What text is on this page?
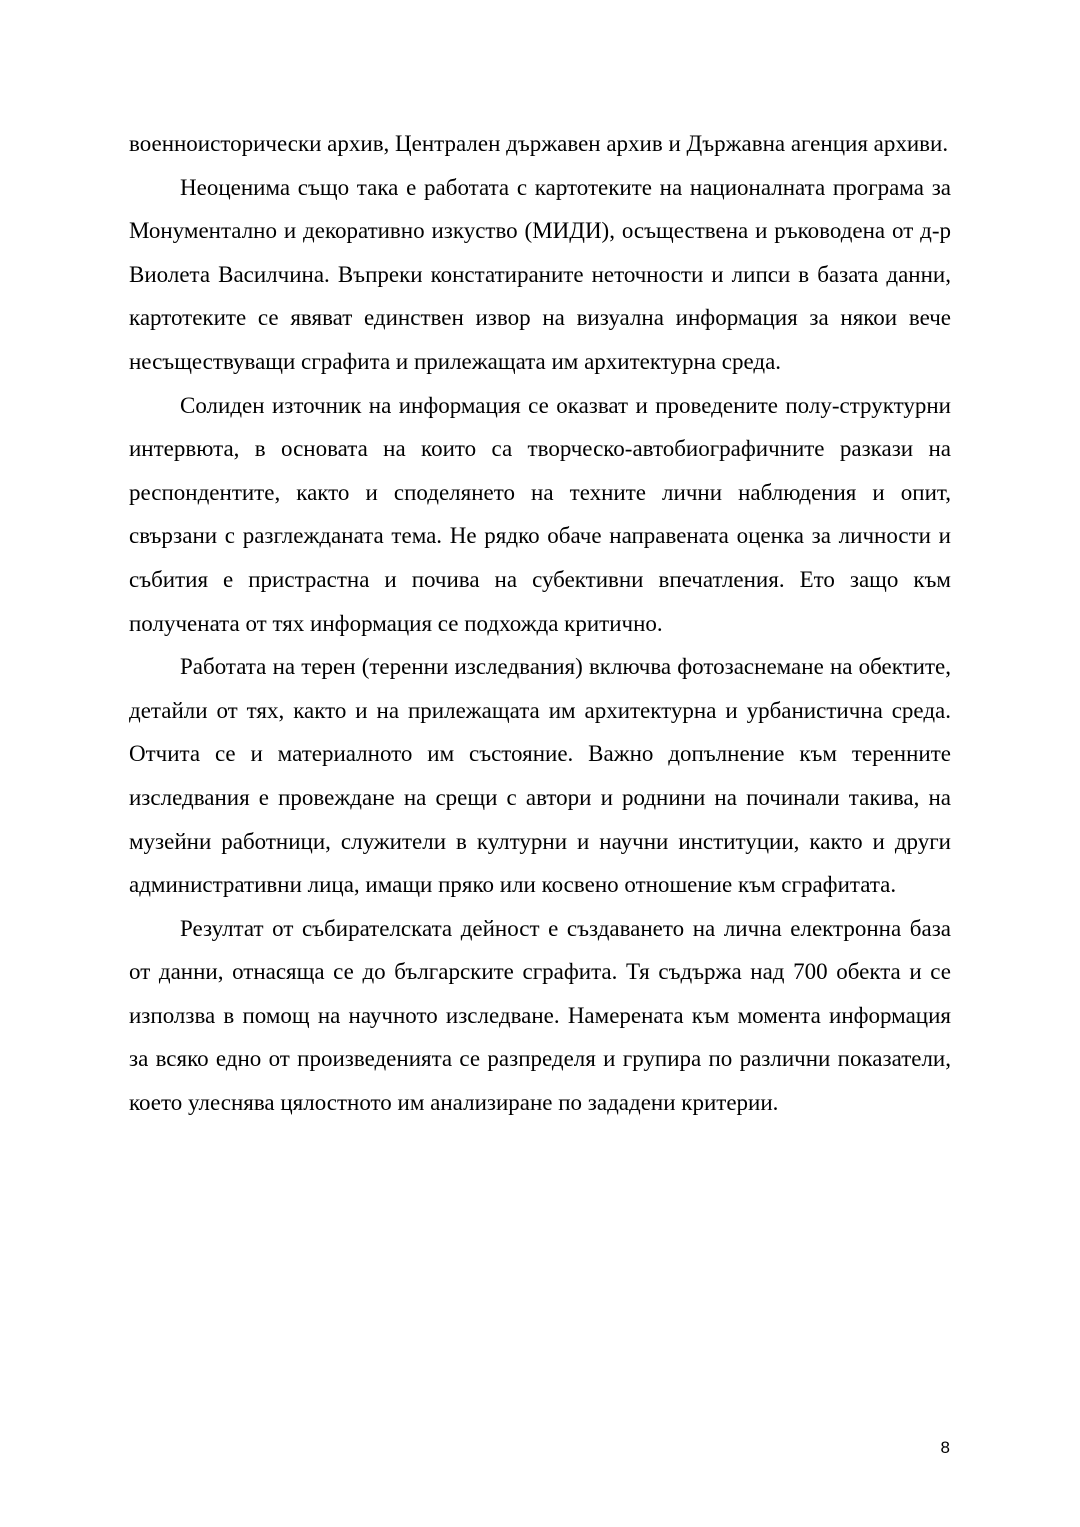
военноисторически архив, Централен държавен архив и Държавна агенция архиви.

Неоценима също така е работата с картотеките на националната програма за Монументално и декоративно изкуство (МИДИ), осъществена и ръководена от д-р Виолета Василчина. Въпреки констатираните неточности и липси в базата данни, картотеките се явяват единствен извор на визуална информация за някои вече несъществуващи сграфита и прилежащата им архитектурна среда.

Солиден източник на информация се оказват и проведените полу-структурни интервюта, в основата на които са творческо-автобиографичните разкази на респондентите, както и споделянето на техните лични наблюдения и опит, свързани с разглежданата тема. Не рядко обаче направената оценка за личности и събития е пристрастна и почива на субективни впечатления. Ето защо към получената от тях информация се подхожда критично.

Работата на терен (теренни изследвания) включва фотозаснемане на обектите, детайли от тях, както и на прилежащата им архитектурна и урбанистична среда. Отчита се и материалното им състояние. Важно допълнение към теренните изследвания е провеждане на срещи с автори и роднини на починали такива, на музейни работници, служители в културни и научни институции, както и други административни лица, имащи пряко или косвено отношение към сграфитата.

Резултат от събирателската дейност е създаването на лична електронна база от данни, отнасяща се до българските сграфита. Тя съдържа над 700 обекта и се използва в помощ на научното изследване. Намерената към момента информация за всяко едно от произведенията се разпределя и групира по различни показатели, което улеснява цялостното им анализиране по зададени критерии.

8
